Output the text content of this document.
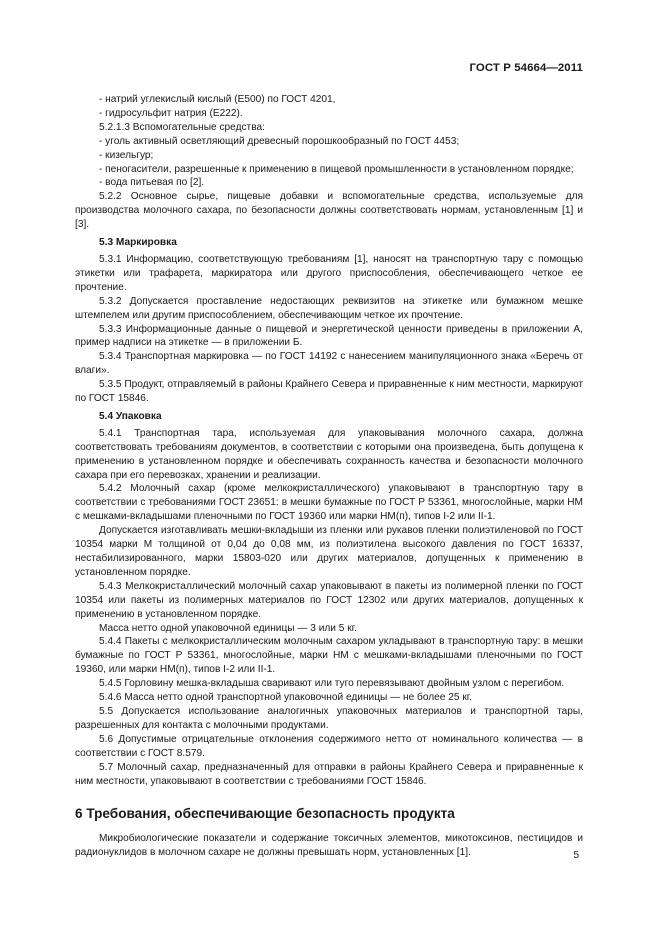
ГОСТ Р 54664—2011

- натрий углекислый кислый (Е500) по ГОСТ 4201,

- гидросульфит натрия (Е222).

5.2.1.3 Вспомогательные средства:

- уголь активный осветляющий древесный порошкообразный по ГОСТ 4453;

- кизельгур;

- пеногасители, разрешенные к применению в пищевой промышленности в установленном порядке;

- вода питьевая по [2].

5.2.2 Основное сырье, пищевые добавки и вспомогательные средства, используемые для производства молочного сахара, по безопасности должны соответствовать нормам, установленным [1] и [3].

5.3 Маркировка

5.3.1 Информацию, соответствующую требованиям [1], наносят на транспортную тару с помощью этикетки или трафарета, маркиратора или другого приспособления, обеспечивающего четкое ее прочтение.

5.3.2 Допускается проставление недостающих реквизитов на этикетке или бумажном мешке штемпелем или другим приспособлением, обеспечивающим четкое их прочтение.

5.3.3 Информационные данные о пищевой и энергетической ценности приведены в приложении А, пример надписи на этикетке — в приложении Б.

5.3.4 Транспортная маркировка — по ГОСТ 14192 с нанесением манипуляционного знака «Беречь от влаги».

5.3.5 Продукт, отправляемый в районы Крайнего Севера и приравненные к ним местности, маркируют по ГОСТ 15846.

5.4 Упаковка

5.4.1 Транспортная тара, используемая для упаковывания молочного сахара, должна соответствовать требованиям документов, в соответствии с которыми она произведена, быть допущена к применению в установленном порядке и обеспечивать сохранность качества и безопасности молочного сахара при его перевозках, хранении и реализации.

5.4.2 Молочный сахар (кроме мелкокристаллического) упаковывают в транспортную тару в соответствии с требованиями ГОСТ 23651: в мешки бумажные по ГОСТ Р 53361, многослойные, марки НМ с мешками-вкладышами пленочными по ГОСТ 19360 или марки НМ(п), типов I-2 или II-1.

Допускается изготавливать мешки-вкладыши из пленки или рукавов пленки полиэтиленовой по ГОСТ 10354 марки М толщиной от 0,04 до 0,08 мм, из полиэтилена высокого давления по ГОСТ 16337, нестабилизированного, марки 15803-020 или других материалов, допущенных к применению в установленном порядке.

5.4.3 Мелкокристаллический молочный сахар упаковывают в пакеты из полимерной пленки по ГОСТ 10354 или пакеты из полимерных материалов по ГОСТ 12302 или других материалов, допущенных к применению в установленном порядке.

Масса нетто одной упаковочной единицы — 3 или 5 кг.

5.4.4 Пакеты с мелкокристаллическим молочным сахаром укладывают в транспортную тару: в мешки бумажные по ГОСТ Р 53361, многослойные, марки НМ с мешками-вкладышами пленочными по ГОСТ 19360, или марки НМ(п), типов I-2 или II-1.

5.4.5 Горловину мешка-вкладыша сваривают или туго перевязывают двойным узлом с перегибом.

5.4.6 Масса нетто одной транспортной упаковочной единицы — не более 25 кг.

5.5 Допускается использование аналогичных упаковочных материалов и транспортной тары, разрешенных для контакта с молочными продуктами.

5.6 Допустимые отрицательные отклонения содержимого нетто от номинального количества — в соответствии с ГОСТ 8.579.

5.7 Молочный сахар, предназначенный для отправки в районы Крайнего Севера и приравненные к ним местности, упаковывают в соответствии с требованиями ГОСТ 15846.

6 Требования, обеспечивающие безопасность продукта

Микробиологические показатели и содержание токсичных элементов, микотоксинов, пестицидов и радионуклидов в молочном сахаре не должны превышать норм, установленных [1].	5
